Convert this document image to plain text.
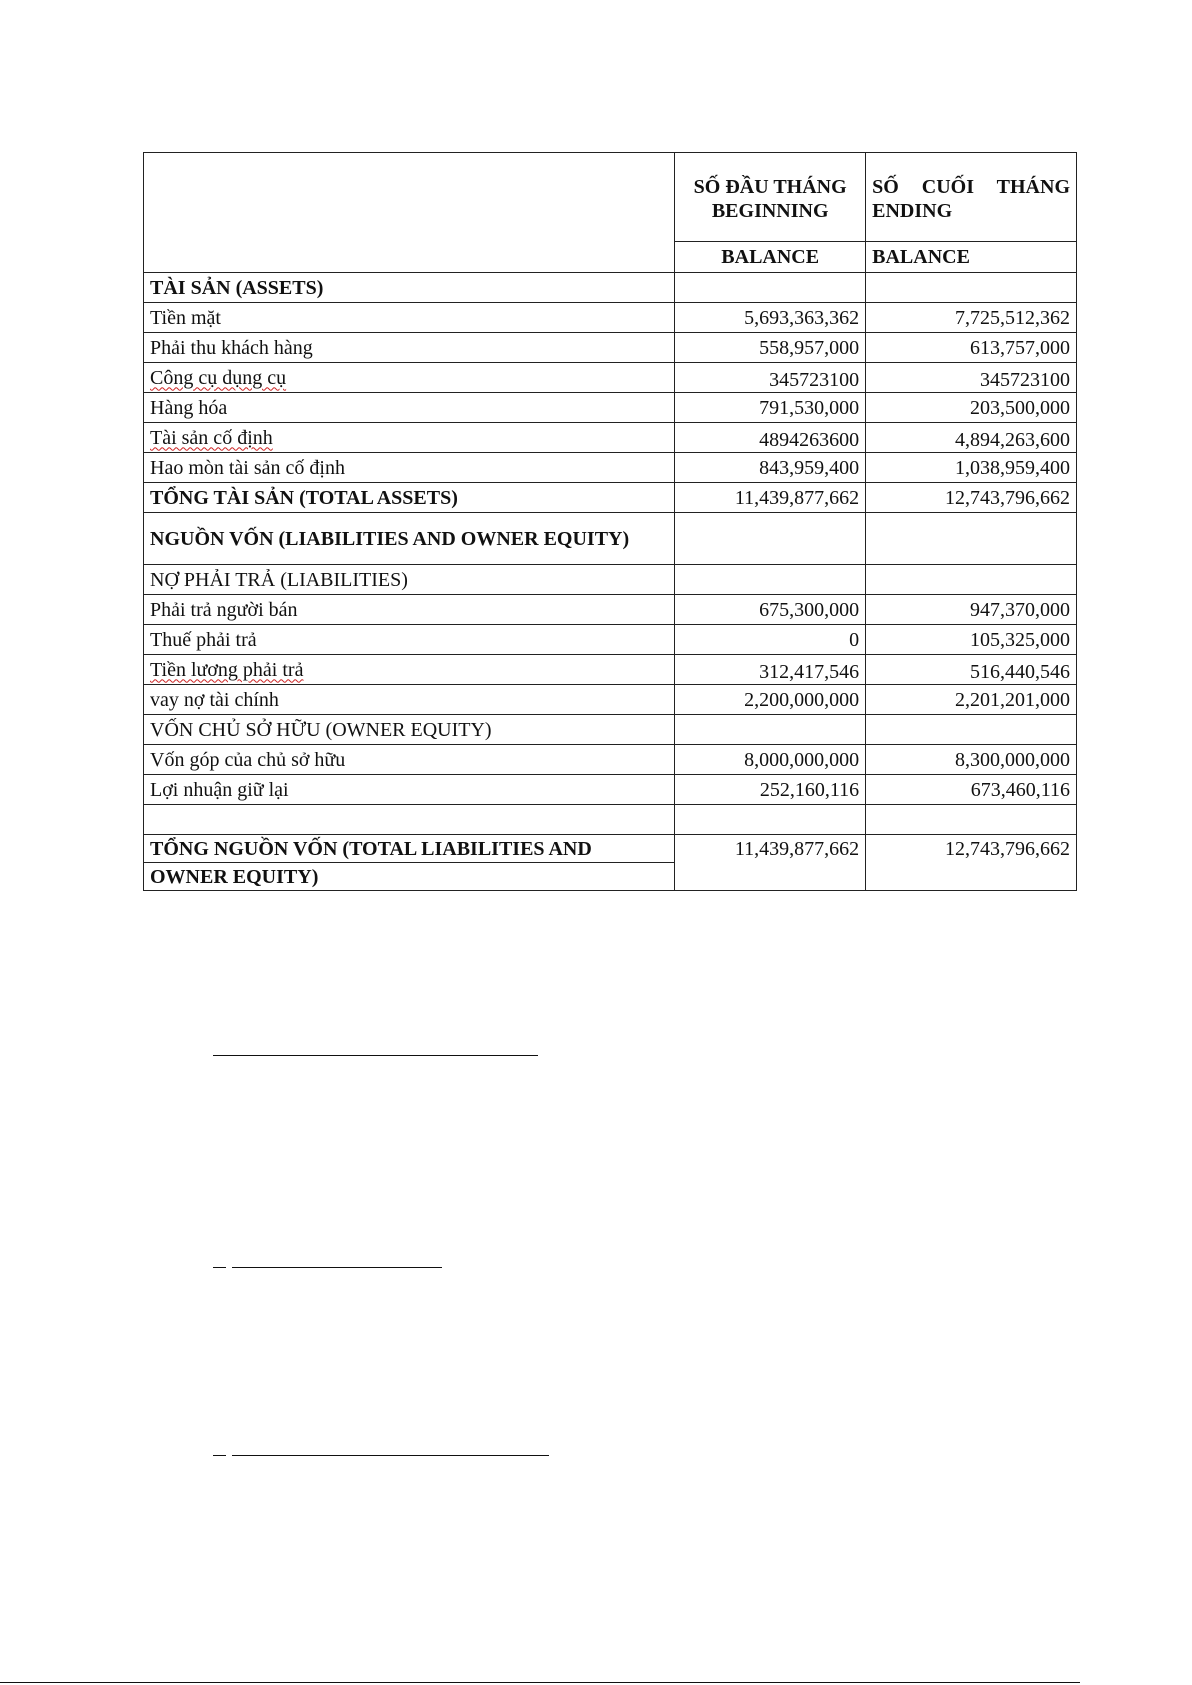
	SỐ ĐẦU THÁNG BEGINNING	SỐ CUỐI THÁNG ENDING
	BALANCE	BALANCE
TÀI SẢN (ASSETS)		
Tiền mặt	5,693,363,362	7,725,512,362
Phải thu khách hàng	558,957,000	613,757,000
Công cụ dụng cụ	345723100	345723100
Hàng hóa	791,530,000	203,500,000
Tài sản cố định	4894263600	4,894,263,600
Hao mòn tài sản cố định	843,959,400	1,038,959,400
TỔNG TÀI SẢN (TOTAL ASSETS)	11,439,877,662	12,743,796,662
NGUỒN VỐN (LIABILITIES AND OWNER EQUITY)		
NỢ PHẢI TRẢ (LIABILITIES)		
Phải trả người bán	675,300,000	947,370,000
Thuế phải trả	0	105,325,000
Tiền lương phải trả	312,417,546	516,440,546
vay nợ tài chính	2,200,000,000	2,201,201,000
VỐN CHỦ SỞ HỮU (OWNER EQUITY)		
Vốn góp của chủ sở hữu	8,000,000,000	8,300,000,000
Lợi nhuận giữ lại	252,160,116	673,460,116

TỔNG NGUỒN VỐN (TOTAL LIABILITIES AND	11,439,877,662	12,743,796,662
OWNER EQUITY)		
